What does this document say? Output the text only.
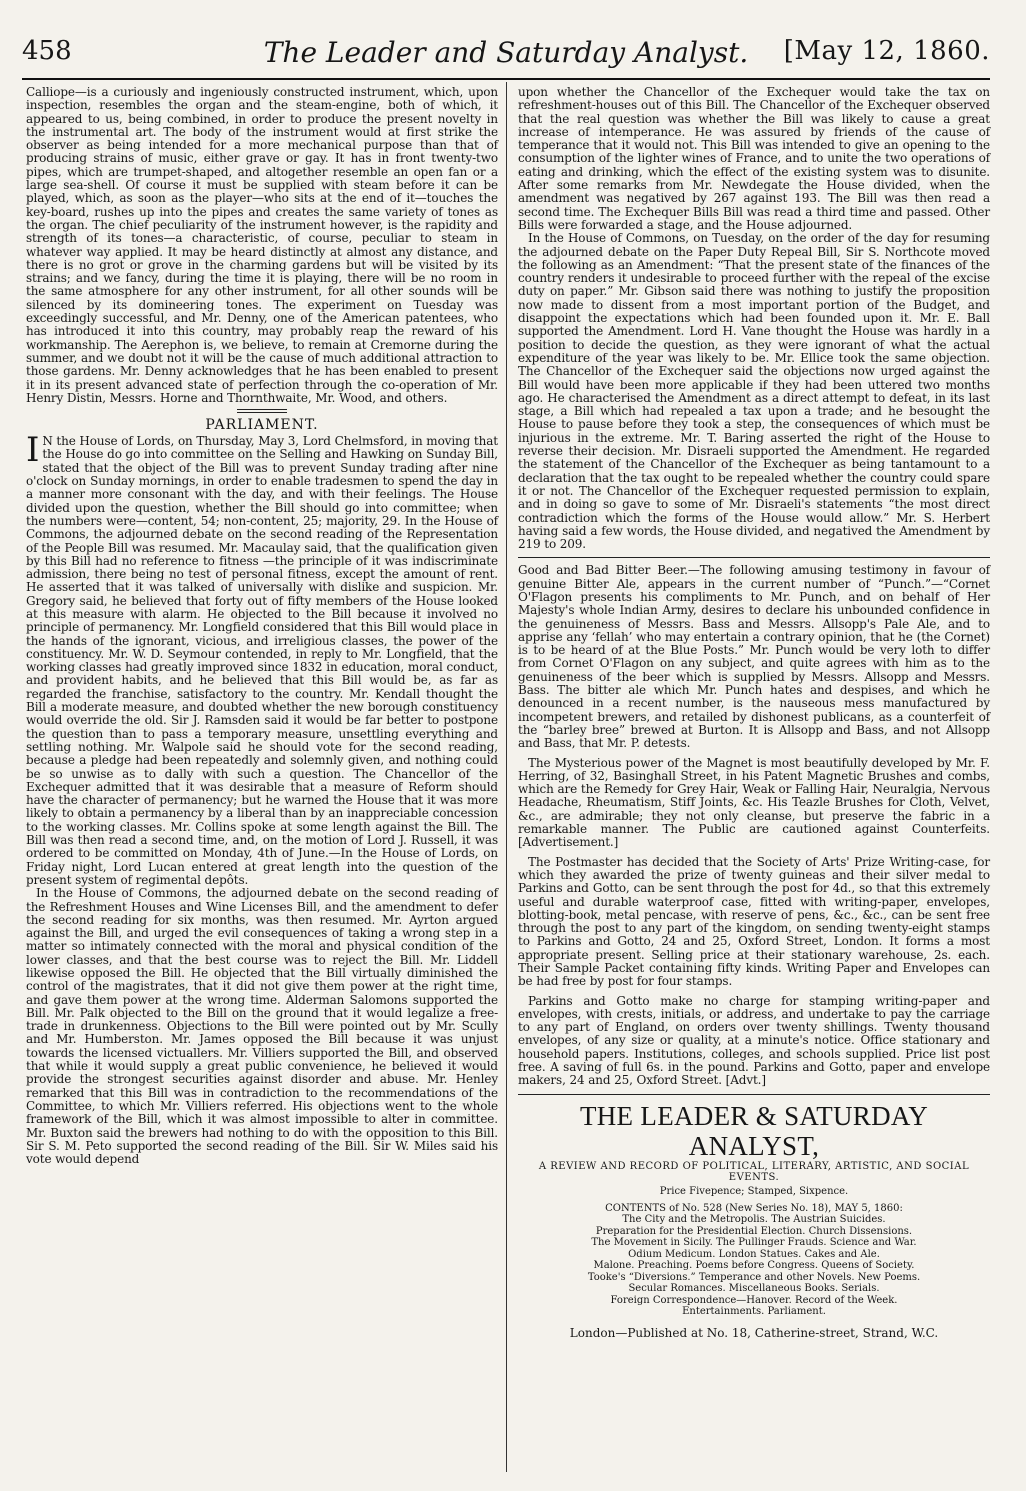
458	The Leader and Saturday Analyst.	[May 12, 1860.

Calliope—is a curiously and ingeniously constructed instrument, which, upon inspection, resembles the organ and the steam-engine, both of which, it appeared to us, being combined, in order to produce the present novelty in the instrumental art. The body of the instrument would at first strike the observer as being intended for a more mechanical purpose than that of producing strains of music, either grave or gay. It has in front twenty-two pipes, which are trumpet-shaped, and altogether resemble an open fan or a large sea-shell. Of course it must be supplied with steam before it can be played, which, as soon as the player—who sits at the end of it—touches the key-board, rushes up into the pipes and creates the same variety of tones as the organ. The chief peculiarity of the instrument however, is the rapidity and strength of its tones—a characteristic, of course, peculiar to steam in whatever way applied. It may be heard distinctly at almost any distance, and there is no grot or grove in the charming gardens but will be visited by its strains; and we fancy, during the time it is playing, there will be no room in the same atmosphere for any other instrument, for all other sounds will be silenced by its domineering tones. The experiment on Tuesday was exceedingly successful, and Mr. Denny, one of the American patentees, who has introduced it into this country, may probably reap the reward of his workmanship. The Aerephon is, we believe, to remain at Cremorne during the summer, and we doubt not it will be the cause of much additional attraction to those gardens. Mr. Denny acknowledges that he has been enabled to present it in its present advanced state of perfection through the co-operation of Mr. Henry Distin, Messrs. Horne and Thornthwaite, Mr. Wood, and others.

PARLIAMENT.

I N the House of Lords, on Thursday, May 3, Lord Chelmsford, in moving that the House do go into committee on the Selling and Hawking on Sunday Bill, stated that the object of the Bill was to prevent Sunday trading after nine o'clock on Sunday mornings, in order to enable tradesmen to spend the day in a manner more consonant with the day, and with their feelings. The House divided upon the question, whether the Bill should go into committee; when the numbers were—content, 54; non-content, 25; majority, 29. In the House of Commons, the adjourned debate on the second reading of the Representation of the People Bill was resumed. Mr. Macaulay said, that the qualification given by this Bill had no reference to fitness —the principle of it was indiscriminate admission, there being no test of personal fitness, except the amount of rent. He asserted that it was talked of universally with dislike and suspicion. Mr. Gregory said, he believed that forty out of fifty members of the House looked at this measure with alarm. He objected to the Bill because it involved no principle of permanency. Mr. Longfield considered that this Bill would place in the hands of the ignorant, vicious, and irreligious classes, the power of the constituency. Mr. W. D. Seymour contended, in reply to Mr. Longfield, that the working classes had greatly improved since 1832 in education, moral conduct, and provident habits, and he believed that this Bill would be, as far as regarded the franchise, satisfactory to the country. Mr. Kendall thought the Bill a moderate measure, and doubted whether the new borough constituency would override the old. Sir J. Ramsden said it would be far better to postpone the question than to pass a temporary measure, unsettling everything and settling nothing. Mr. Walpole said he should vote for the second reading, because a pledge had been repeatedly and solemnly given, and nothing could be so unwise as to dally with such a question. The Chancellor of the Exchequer admitted that it was desirable that a measure of Reform should have the character of permanency; but he warned the House that it was more likely to obtain a permanency by a liberal than by an inappreciable concession to the working classes. Mr. Collins spoke at some length against the Bill. The Bill was then read a second time, and, on the motion of Lord J. Russell, it was ordered to be committed on Monday, 4th of June.—In the House of Lords, on Friday night, Lord Lucan entered at great length into the question of the present system of regimental depôts.

In the House of Commons, the adjourned debate on the second reading of the Refreshment Houses and Wine Licenses Bill, and the amendment to defer the second reading for six months, was then resumed. Mr. Ayrton argued against the Bill, and urged the evil consequences of taking a wrong step in a matter so intimately connected with the moral and physical condition of the lower classes, and that the best course was to reject the Bill. Mr. Liddell likewise opposed the Bill. He objected that the Bill virtually diminished the control of the magistrates, that it did not give them power at the right time, and gave them power at the wrong time. Alderman Salomons supported the Bill. Mr. Palk objected to the Bill on the ground that it would legalize a free-trade in drunkenness. Objections to the Bill were pointed out by Mr. Scully and Mr. Humberston. Mr. James opposed the Bill because it was unjust towards the licensed victuallers. Mr. Villiers supported the Bill, and observed that while it would supply a great public convenience, he believed it would provide the strongest securities against disorder and abuse. Mr. Henley remarked that this Bill was in contradiction to the recommendations of the Committee, to which Mr. Villiers referred. His objections went to the whole framework of the Bill, which it was almost impossible to alter in committee. Mr. Buxton said the brewers had nothing to do with the opposition to this Bill. Sir S. M. Peto supported the second reading of the Bill. Sir W. Miles said his vote would depend

upon whether the Chancellor of the Exchequer would take the tax on refreshment-houses out of this Bill. The Chancellor of the Exchequer observed that the real question was whether the Bill was likely to cause a great increase of intemperance. He was assured by friends of the cause of temperance that it would not. This Bill was intended to give an opening to the consumption of the lighter wines of France, and to unite the two operations of eating and drinking, which the effect of the existing system was to disunite. After some remarks from Mr. Newdegate the House divided, when the amendment was negatived by 267 against 193. The Bill was then read a second time. The Exchequer Bills Bill was read a third time and passed. Other Bills were forwarded a stage, and the House adjourned.

In the House of Commons, on Tuesday, on the order of the day for resuming the adjourned debate on the Paper Duty Repeal Bill, Sir S. Northcote moved the following as an Amendment: “That the present state of the finances of the country renders it undesirable to proceed further with the repeal of the excise duty on paper.” Mr. Gibson said there was nothing to justify the proposition now made to dissent from a most important portion of the Budget, and disappoint the expectations which had been founded upon it. Mr. E. Ball supported the Amendment. Lord H. Vane thought the House was hardly in a position to decide the question, as they were ignorant of what the actual expenditure of the year was likely to be. Mr. Ellice took the same objection. The Chancellor of the Exchequer said the objections now urged against the Bill would have been more applicable if they had been uttered two months ago. He characterised the Amendment as a direct attempt to defeat, in its last stage, a Bill which had repealed a tax upon a trade; and he besought the House to pause before they took a step, the consequences of which must be injurious in the extreme. Mr. T. Baring asserted the right of the House to reverse their decision. Mr. Disraeli supported the Amendment. He regarded the statement of the Chancellor of the Exchequer as being tantamount to a declaration that the tax ought to be repealed whether the country could spare it or not. The Chancellor of the Exchequer requested permission to explain, and in doing so gave to some of Mr. Disraeli's statements “the most direct contradiction which the forms of the House would allow.” Mr. S. Herbert having said a few words, the House divided, and negatived the Amendment by 219 to 209.

Good and Bad Bitter Beer.—The following amusing testimony in favour of genuine Bitter Ale, appears in the current number of “Punch.”—“Cornet O'Flagon presents his compliments to Mr. Punch, and on behalf of Her Majesty's whole Indian Army, desires to declare his unbounded confidence in the genuineness of Messrs. Bass and Messrs. Allsopp's Pale Ale, and to apprise any ‘fellah’ who may entertain a contrary opinion, that he (the Cornet) is to be heard of at the Blue Posts.” Mr. Punch would be very loth to differ from Cornet O'Flagon on any subject, and quite agrees with him as to the genuineness of the beer which is supplied by Messrs. Allsopp and Messrs. Bass. The bitter ale which Mr. Punch hates and despises, and which he denounced in a recent number, is the nauseous mess manufactured by incompetent brewers, and retailed by dishonest publicans, as a counterfeit of the “barley bree” brewed at Burton. It is Allsopp and Bass, and not Allsopp and Bass, that Mr. P. detests.

The Mysterious power of the Magnet is most beautifully developed by Mr. F. Herring, of 32, Basinghall Street, in his Patent Magnetic Brushes and combs, which are the Remedy for Grey Hair, Weak or Falling Hair, Neuralgia, Nervous Headache, Rheumatism, Stiff Joints, &c. His Teazle Brushes for Cloth, Velvet, &c., are admirable; they not only cleanse, but preserve the fabric in a remarkable manner. The Public are cautioned against Counterfeits. [Advertisement.]

The Postmaster has decided that the Society of Arts' Prize Writing-case, for which they awarded the prize of twenty guineas and their silver medal to Parkins and Gotto, can be sent through the post for 4d., so that this extremely useful and durable waterproof case, fitted with writing-paper, envelopes, blotting-book, metal pencase, with reserve of pens, &c., &c., can be sent free through the post to any part of the kingdom, on sending twenty-eight stamps to Parkins and Gotto, 24 and 25, Oxford Street, London. It forms a most appropriate present. Selling price at their stationary warehouse, 2s. each. Their Sample Packet containing fifty kinds. Writing Paper and Envelopes can be had free by post for four stamps.

Parkins and Gotto make no charge for stamping writing-paper and envelopes, with crests, initials, or address, and undertake to pay the carriage to any part of England, on orders over twenty shillings. Twenty thousand envelopes, of any size or quality, at a minute's notice. Office stationary and household papers. Institutions, colleges, and schools supplied. Price list post free. A saving of full 6s. in the pound. Parkins and Gotto, paper and envelope makers, 24 and 25, Oxford Street. [Advt.]

THE LEADER & SATURDAY ANALYST,
A REVIEW AND RECORD OF POLITICAL, LITERARY, ARTISTIC, AND SOCIAL EVENTS.
Price Fivepence; Stamped, Sixpence.
CONTENTS of No. 528 (New Series No. 18), MAY 5, 1860:
The City and the Metropolis. The Austrian Suicides.
Preparation for the Presidential Election. Church Dissensions.
The Movement in Sicily. The Pullinger Frauds. Science and War.
Odium Medicum. London Statues. Cakes and Ale.
Malone. Preaching. Poems before Congress. Queens of Society.
Tooke's “Diversions.” Temperance and other Novels. New Poems.
Secular Romances. Miscellaneous Books. Serials.
Foreign Correspondence—Hanover. Record of the Week.
Entertainments. Parliament.
London—Published at No. 18, Catherine-street, Strand, W.C.
